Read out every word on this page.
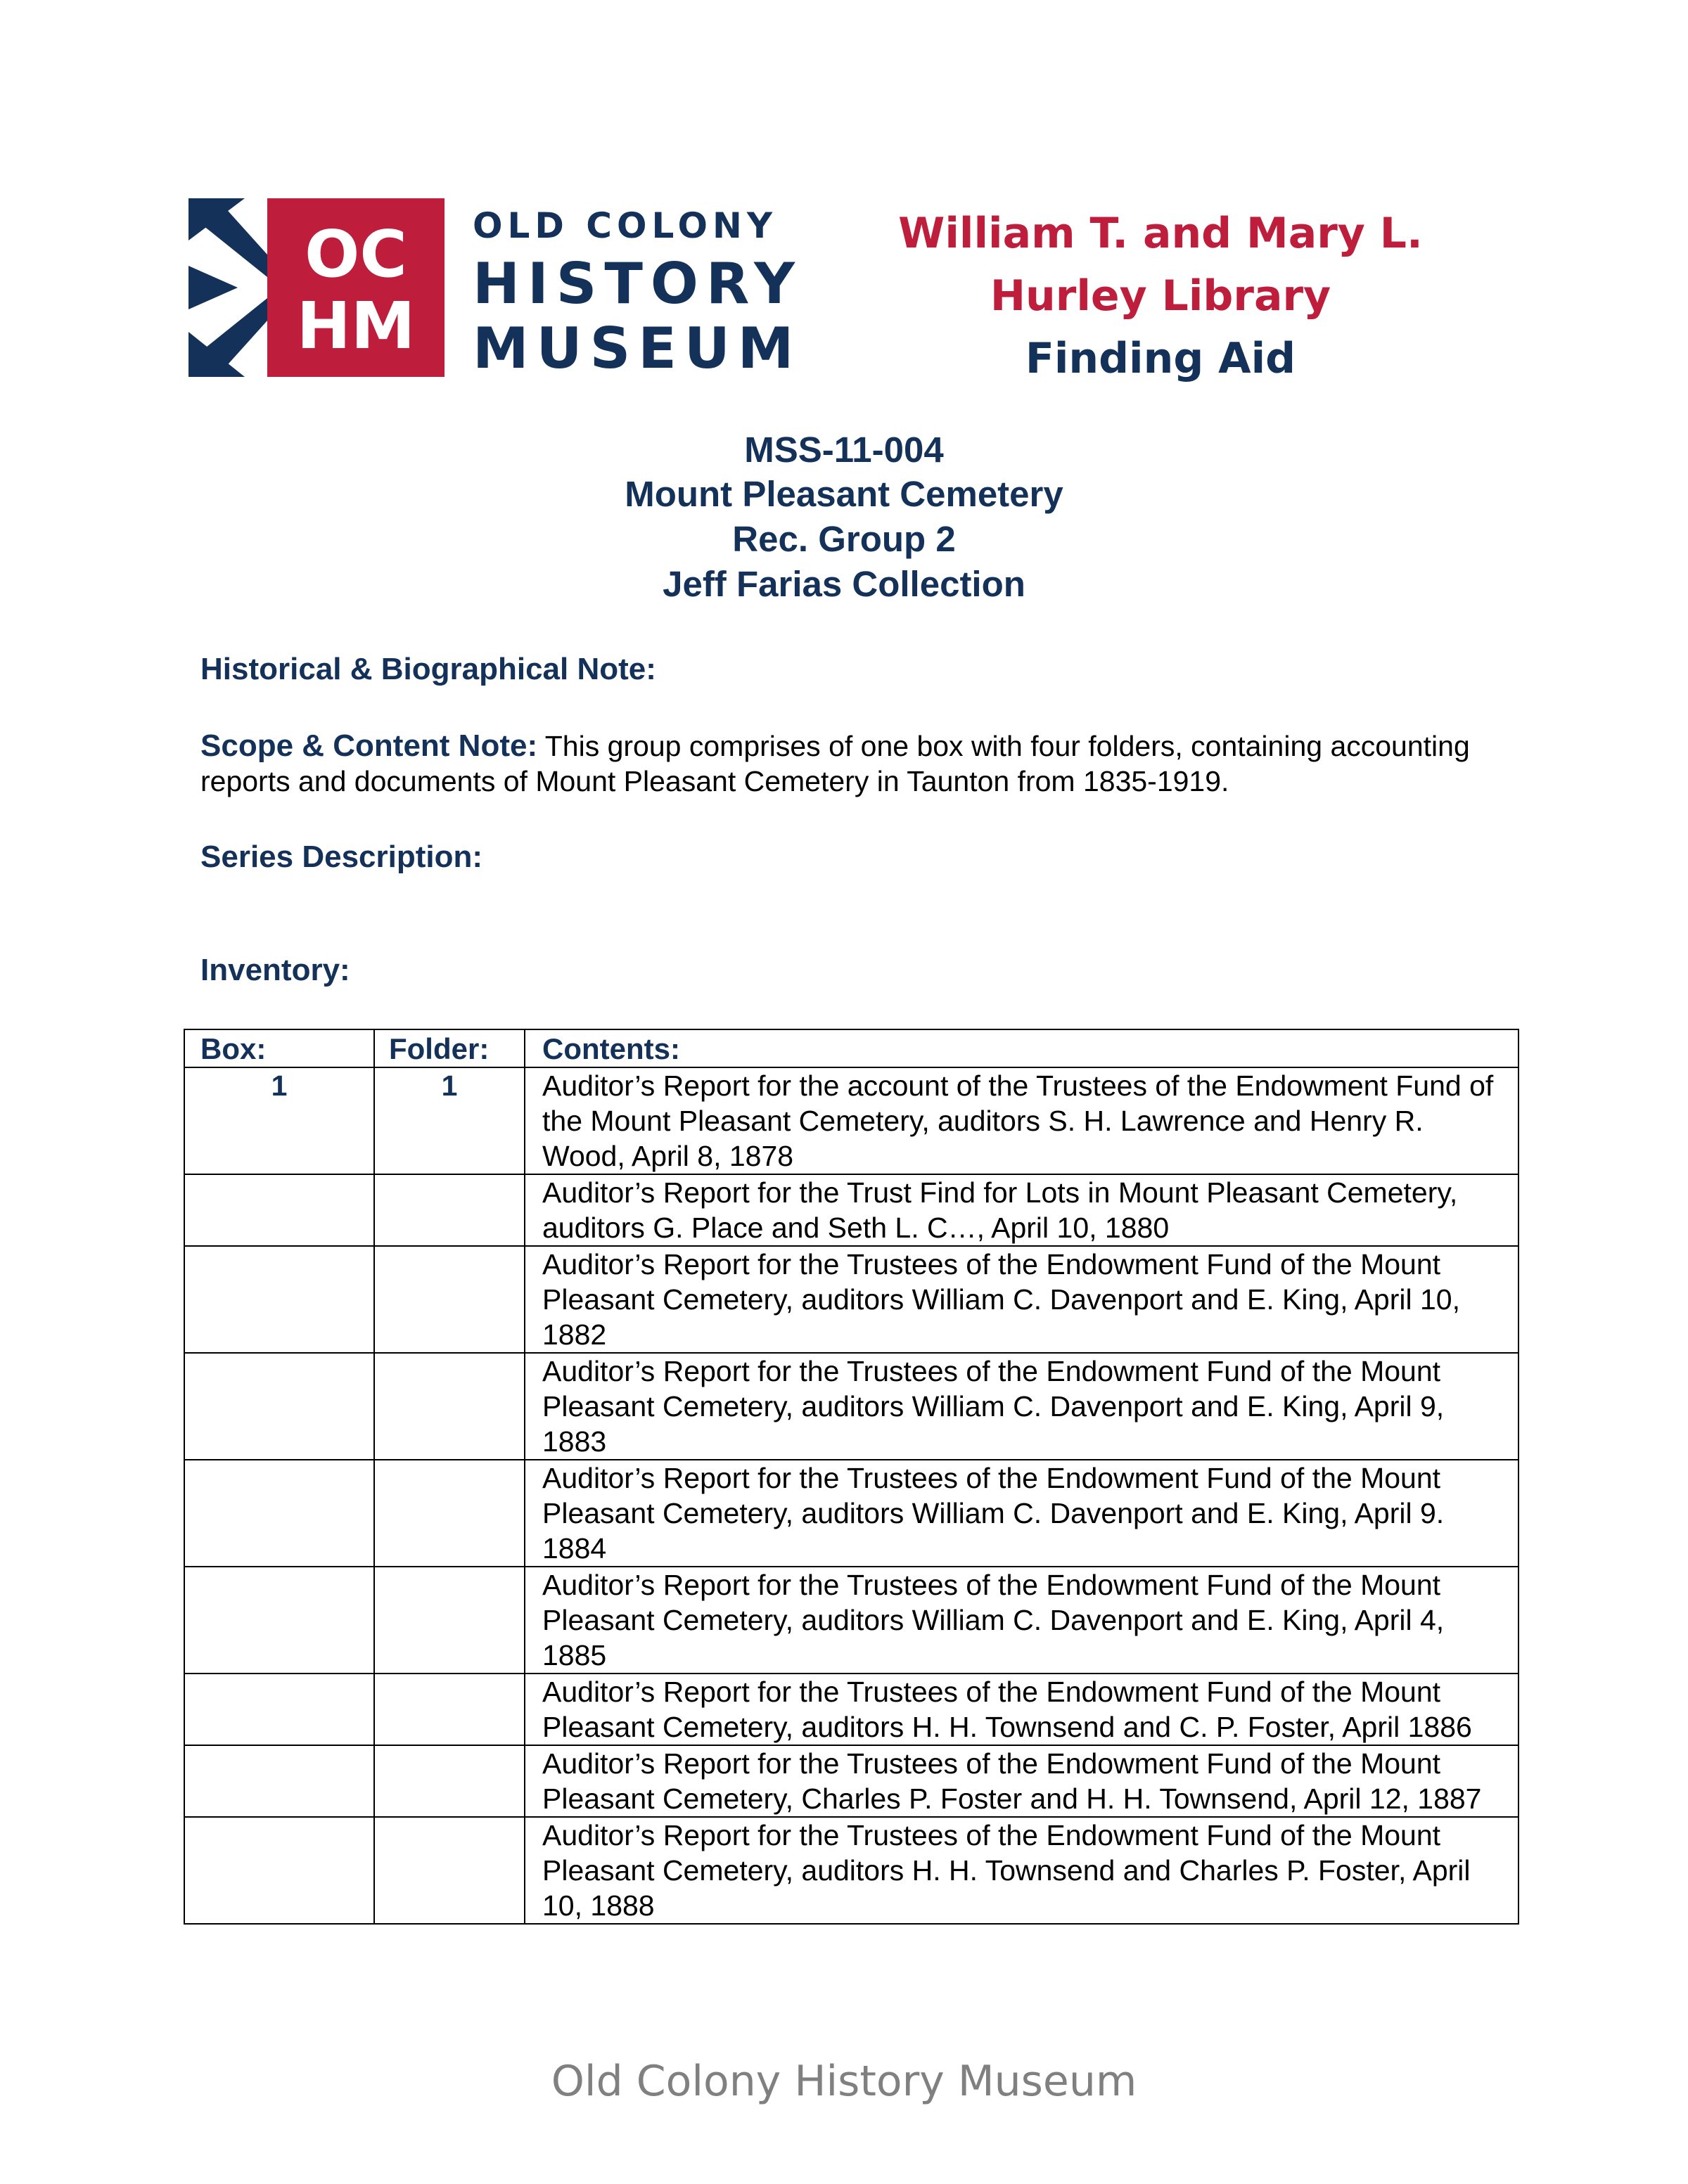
OC
HM
OLD COLONY
HISTORY
MUSEUM
William T. and Mary L.
Hurley Library
Finding Aid
MSS-11-004
Mount Pleasant Cemetery
Rec. Group 2
Jeff Farias Collection
Historical & Biographical Note:
Scope & Content Note: This group comprises of one box with four folders, containing accounting reports and documents of Mount Pleasant Cemetery in Taunton from 1835-1919.
Series Description:
Inventory:
Box:	Folder:	Contents:
1	1	Auditor’s Report for the account of the Trustees of the Endowment Fund of the Mount Pleasant Cemetery, auditors S. H. Lawrence and Henry R. Wood, April 8, 1878
		Auditor’s Report for the Trust Find for Lots in Mount Pleasant Cemetery, auditors G. Place and Seth L. C…, April 10, 1880
		Auditor’s Report for the Trustees of the Endowment Fund of the Mount Pleasant Cemetery, auditors William C. Davenport and E. King, April 10, 1882
		Auditor’s Report for the Trustees of the Endowment Fund of the Mount Pleasant Cemetery, auditors William C. Davenport and E. King, April 9, 1883
		Auditor’s Report for the Trustees of the Endowment Fund of the Mount Pleasant Cemetery, auditors William C. Davenport and E. King, April 9. 1884
		Auditor’s Report for the Trustees of the Endowment Fund of the Mount Pleasant Cemetery, auditors William C. Davenport and E. King, April 4, 1885
		Auditor’s Report for the Trustees of the Endowment Fund of the Mount Pleasant Cemetery, auditors H. H. Townsend and C. P. Foster, April 1886
		Auditor’s Report for the Trustees of the Endowment Fund of the Mount Pleasant Cemetery, Charles P. Foster and H. H. Townsend, April 12, 1887
		Auditor’s Report for the Trustees of the Endowment Fund of the Mount Pleasant Cemetery, auditors H. H. Townsend and Charles P. Foster, April 10, 1888
Old Colony History Museum
